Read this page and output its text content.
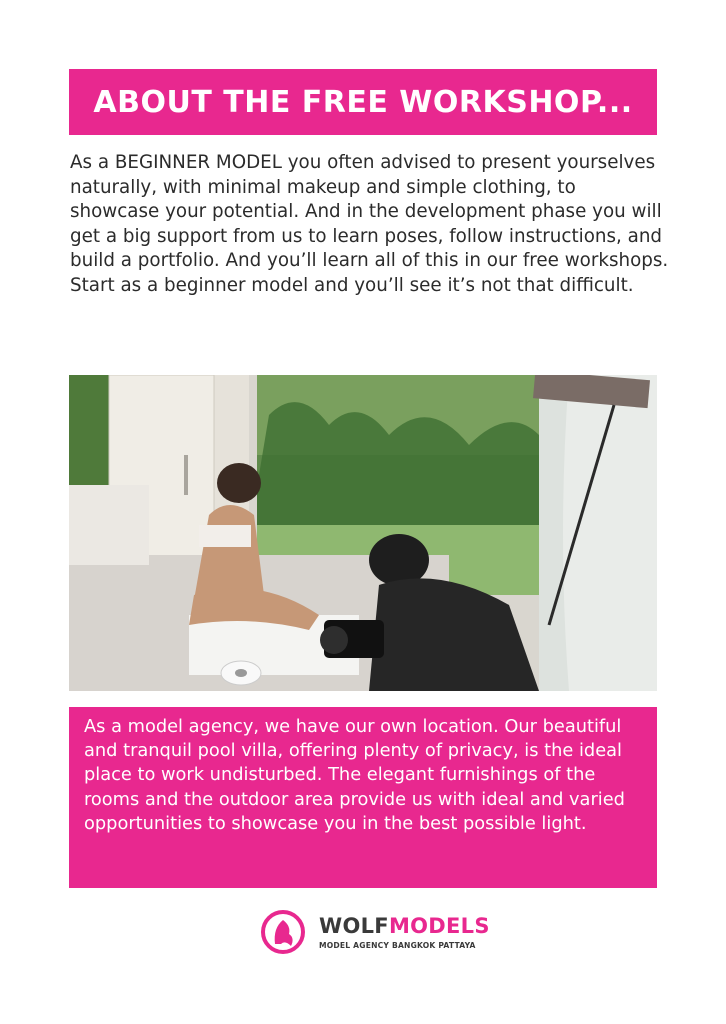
ABOUT THE FREE WORKSHOP...

As a BEGINNER MODEL you often advised to present yourselves naturally, with minimal makeup and simple clothing, to showcase your potential. And in the development phase you will get a big support from us to learn poses, follow instructions, and build a portfolio. And you’ll learn all of this in our free workshops. Start as a beginner model and you’ll see it’s not that difficult.

As a model agency, we have our own location. Our beautiful and tranquil pool villa, offering plenty of privacy, is the ideal place to work undisturbed. The elegant furnishings of the rooms and the outdoor area provide us with ideal and varied opportunities to showcase you in the best possible light.

WOLFMODELS
MODEL AGENCY BANGKOK PATTAYA
